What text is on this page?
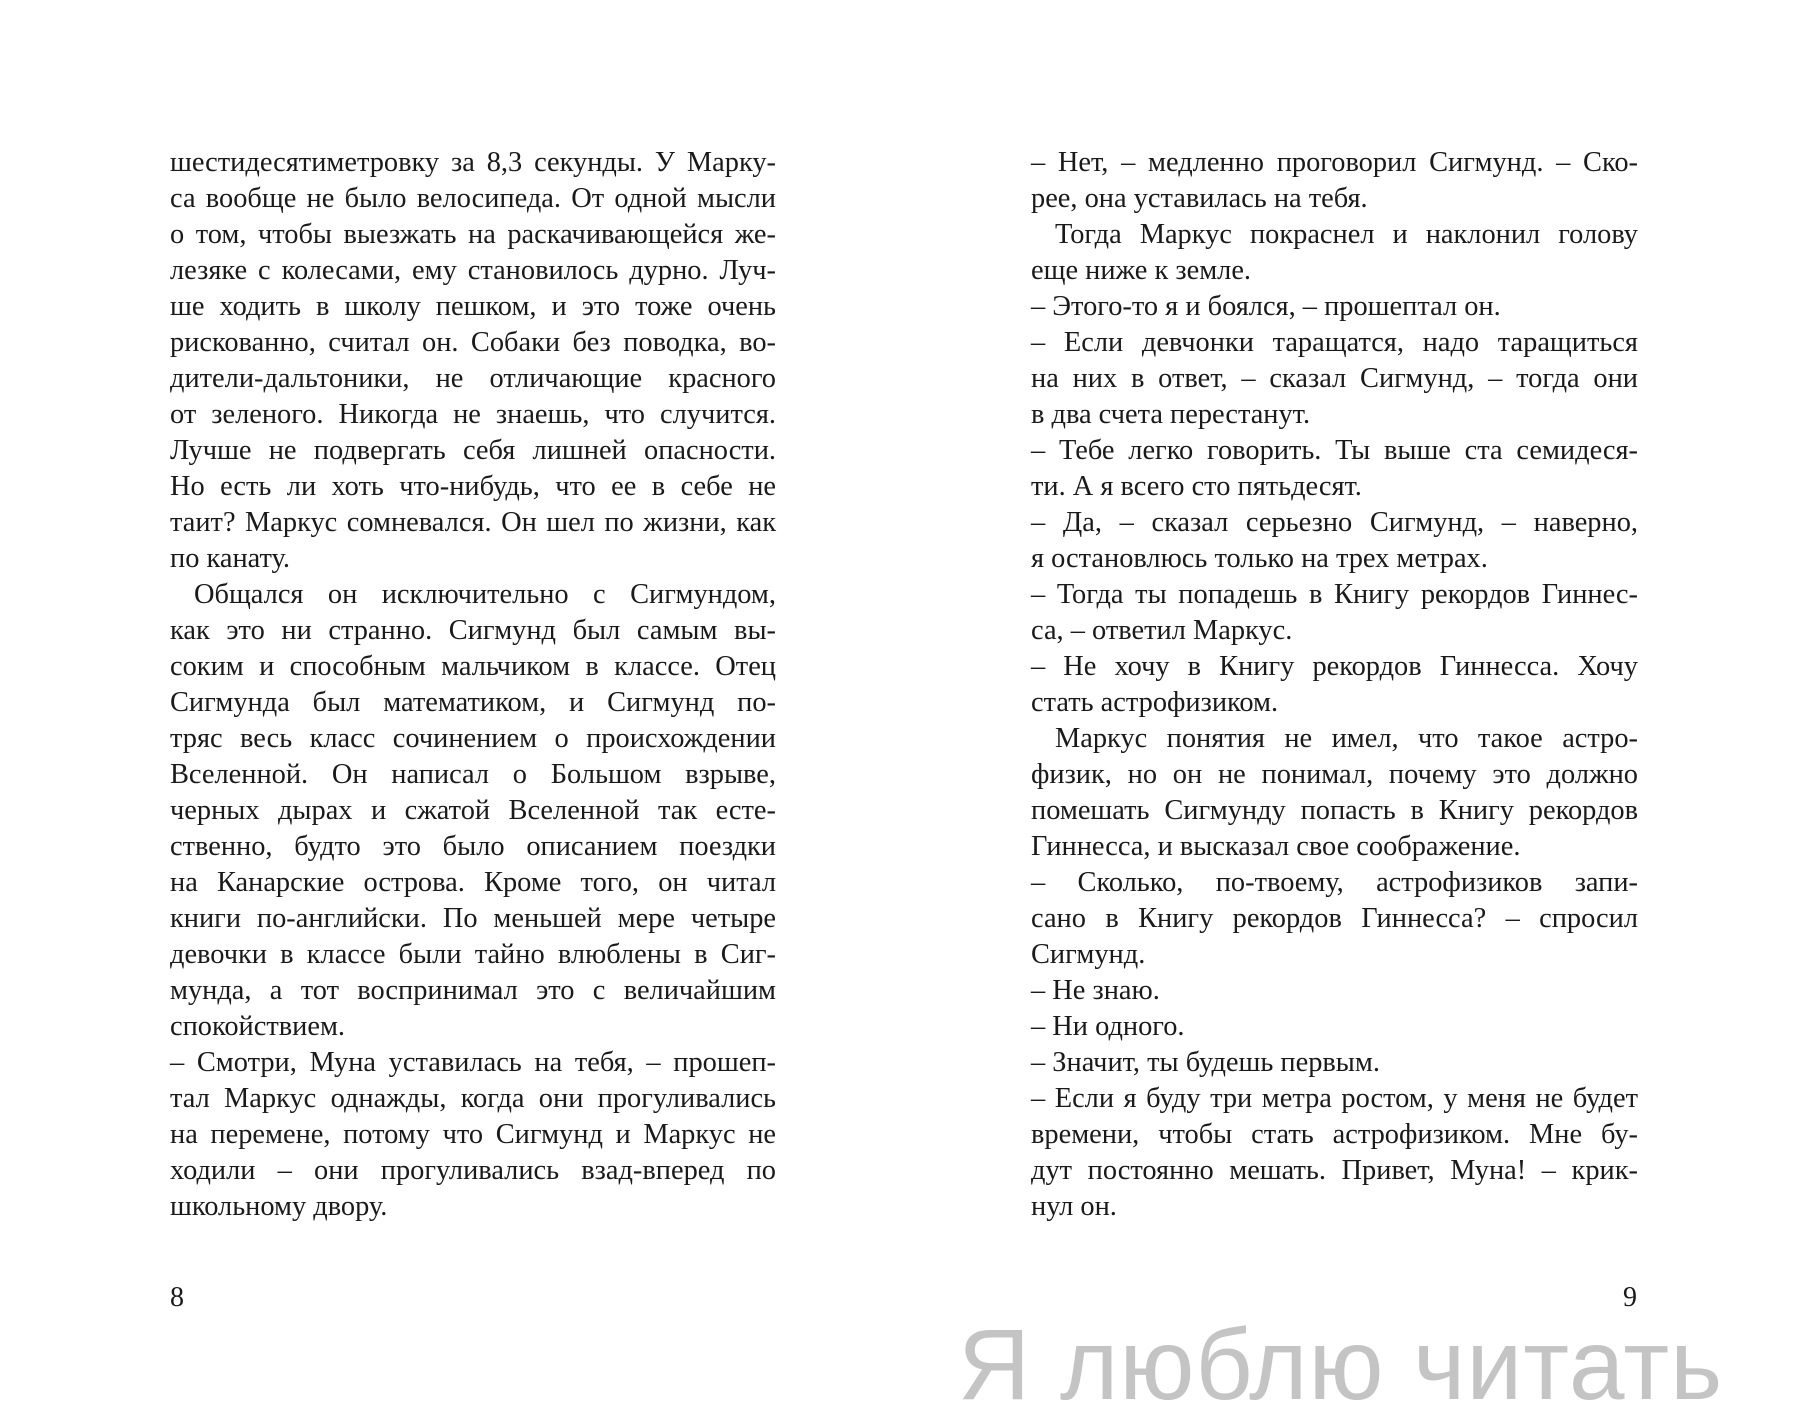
шестидесятиметровку за 8,3 секунды. У Марку-
са вообще не было велосипеда. От одной мысли
о том, чтобы выезжать на раскачивающейся же-
лезяке с колесами, ему становилось дурно. Луч-
ше ходить в школу пешком, и это тоже очень
рискованно, считал он. Собаки без поводка, во-
дители-дальтоники, не отличающие красного
от зеленого. Никогда не знаешь, что случится.
Лучше не подвергать себя лишней опасности.
Но есть ли хоть что-нибудь, что ее в себе не
таит? Маркус сомневался. Он шел по жизни, как
по канату.
Общался он исключительно с Сигмундом,
как это ни странно. Сигмунд был самым вы-
соким и способным мальчиком в классе. Отец
Сигмунда был математиком, и Сигмунд по-
тряс весь класс сочинением о происхождении
Вселенной. Он написал о Большом взрыве,
черных дырах и сжатой Вселенной так есте-
ственно, будто это было описанием поездки
на Канарские острова. Кроме того, он читал
книги по-английски. По меньшей мере четыре
девочки в классе были тайно влюблены в Сиг-
мунда, а тот воспринимал это с величайшим
спокойствием.
– Смотри, Муна уставилась на тебя, – прошеп-
тал Маркус однажды, когда они прогуливались
на перемене, потому что Сигмунд и Маркус не
ходили – они прогуливались взад-вперед по
школьному двору.
– Нет, – медленно проговорил Сигмунд. – Ско-
рее, она уставилась на тебя.
Тогда Маркус покраснел и наклонил голову
еще ниже к земле.
– Этого-то я и боялся, – прошептал он.
– Если девчонки таращатся, надо таращиться
на них в ответ, – сказал Сигмунд, – тогда они
в два счета перестанут.
– Тебе легко говорить. Ты выше ста семидеся-
ти. А я всего сто пятьдесят.
– Да, – сказал серьезно Сигмунд, – наверно,
я остановлюсь только на трех метрах.
– Тогда ты попадешь в Книгу рекордов Гиннес-
са, – ответил Маркус.
– Не хочу в Книгу рекордов Гиннесса. Хочу
стать астрофизиком.
Маркус понятия не имел, что такое астро-
физик, но он не понимал, почему это должно
помешать Сигмунду попасть в Книгу рекордов
Гиннесса, и высказал свое соображение.
– Сколько, по-твоему, астрофизиков запи-
сано в Книгу рекордов Гиннесса? – спросил
Сигмунд.
– Не знаю.
– Ни одного.
– Значит, ты будешь первым.
– Если я буду три метра ростом, у меня не будет
времени, чтобы стать астрофизиком. Мне бу-
дут постоянно мешать. Привет, Муна! – крик-
нул он.
8	9
Я люблю читать
